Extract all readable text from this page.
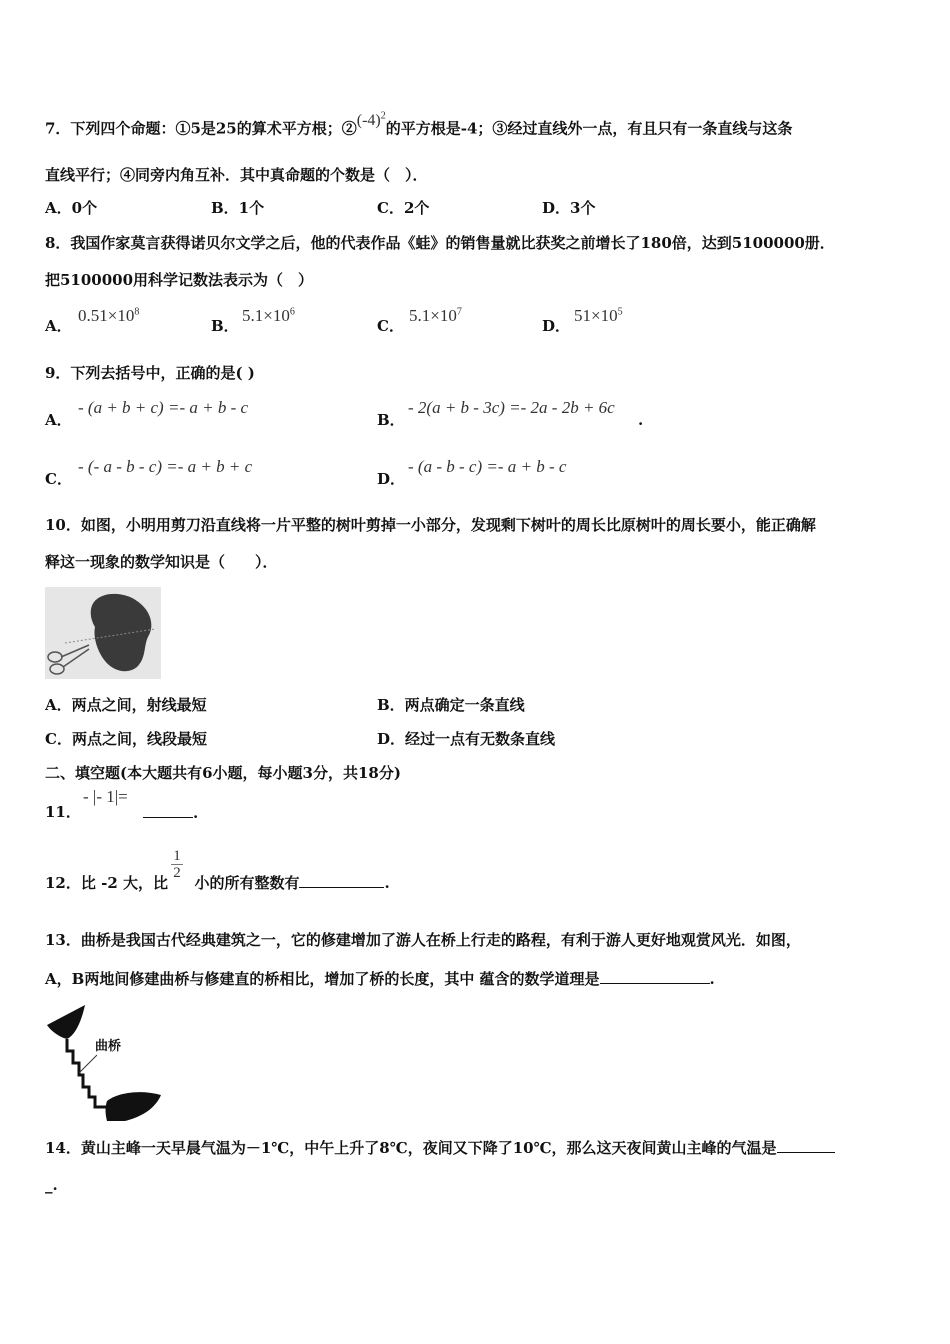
7．下列四个命题：①5是25的算术平方根；$②(-4)^2$的平方根是-4；③经过直线外一点，有且只有一条直线与这条
直线平行；④同旁内角互补．其中真命题的个数是（　）．
A．0个	B．1个	C．2个	D．3个
8．我国作家莫言获得诺贝尔文学之后，他的代表作品《蛙》的销售量就比获奖之前增长了180倍，达到5100000册．
把5100000用科学记数法表示为（　）
A．
$0.51\times 10^8$
B．
$5.1\times 10^6$
C．
$5.1\times 10^7$
D．
$51\times 10^5$
9．下列去括号中，正确的是( )
A．
- (a + b + c) =- a + b - c
B．
- 2(a + b - 3c) =- 2a - 2b + 6c
.
C．
- (- a - b - c) =- a + b + c
D．
- (a - b - c) =- a + b - c
10．如图，小明用剪刀沿直线将一片平整的树叶剪掉一小部分，发现剩下树叶的周长比原树叶的周长要小，能正确解
释这一现象的数学知识是（　　）．
A．两点之间，射线最短	B．两点确定一条直线
C．两点之间，线段最短	D．经过一点有无数条直线
二、填空题(本大题共有6小题，每小题3分，共18分)
11．
- |- 1|=
.
12．比 -2 大，比 小的所有整数有	.
$\frac{1}{2}$
13．曲桥是我国古代经典建筑之一，它的修建增加了游人在桥上行走的路程，有利于游人更好地观赏风光．如图，
A，B两地间修建曲桥与修建直的桥相比，增加了桥的长度，其中 蕴含的数学道理是	.
曲桥
14．黄山主峰一天早晨气温为－1℃，中午上升了8℃，夜间又下降了10℃，那么这天夜间黄山主峰的气温是
_.
